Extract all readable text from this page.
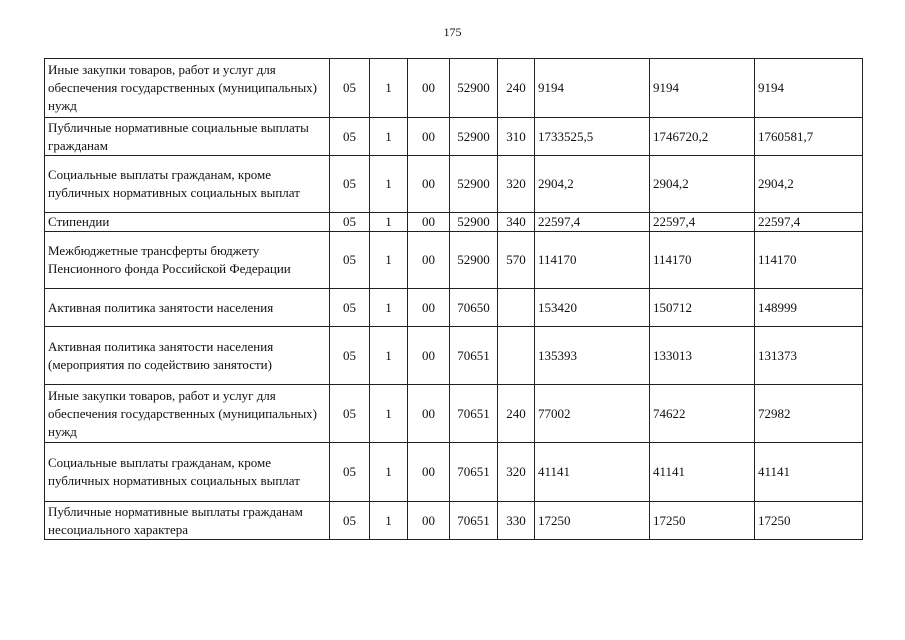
175
Иные закупки товаров, работ и услуг для обеспечения государственных (муниципальных) нужд	05	1	00	52900	240	9194	9194	9194
Публичные нормативные социальные выплаты гражданам	05	1	00	52900	310	1733525,5	1746720,2	1760581,7
Социальные выплаты гражданам, кроме публичных нормативных социальных выплат	05	1	00	52900	320	2904,2	2904,2	2904,2
Стипендии	05	1	00	52900	340	22597,4	22597,4	22597,4
Межбюджетные трансферты бюджету Пенсионного фонда Российской Федерации	05	1	00	52900	570	114170	114170	114170
Активная политика занятости населения	05	1	00	70650		153420	150712	148999
Активная политика занятости населения (мероприятия по содействию занятости)	05	1	00	70651		135393	133013	131373
Иные закупки товаров, работ и услуг для обеспечения государственных (муниципальных) нужд	05	1	00	70651	240	77002	74622	72982
Социальные выплаты гражданам, кроме публичных нормативных социальных выплат	05	1	00	70651	320	41141	41141	41141
Публичные нормативные выплаты гражданам несоциального характера	05	1	00	70651	330	17250	17250	17250
